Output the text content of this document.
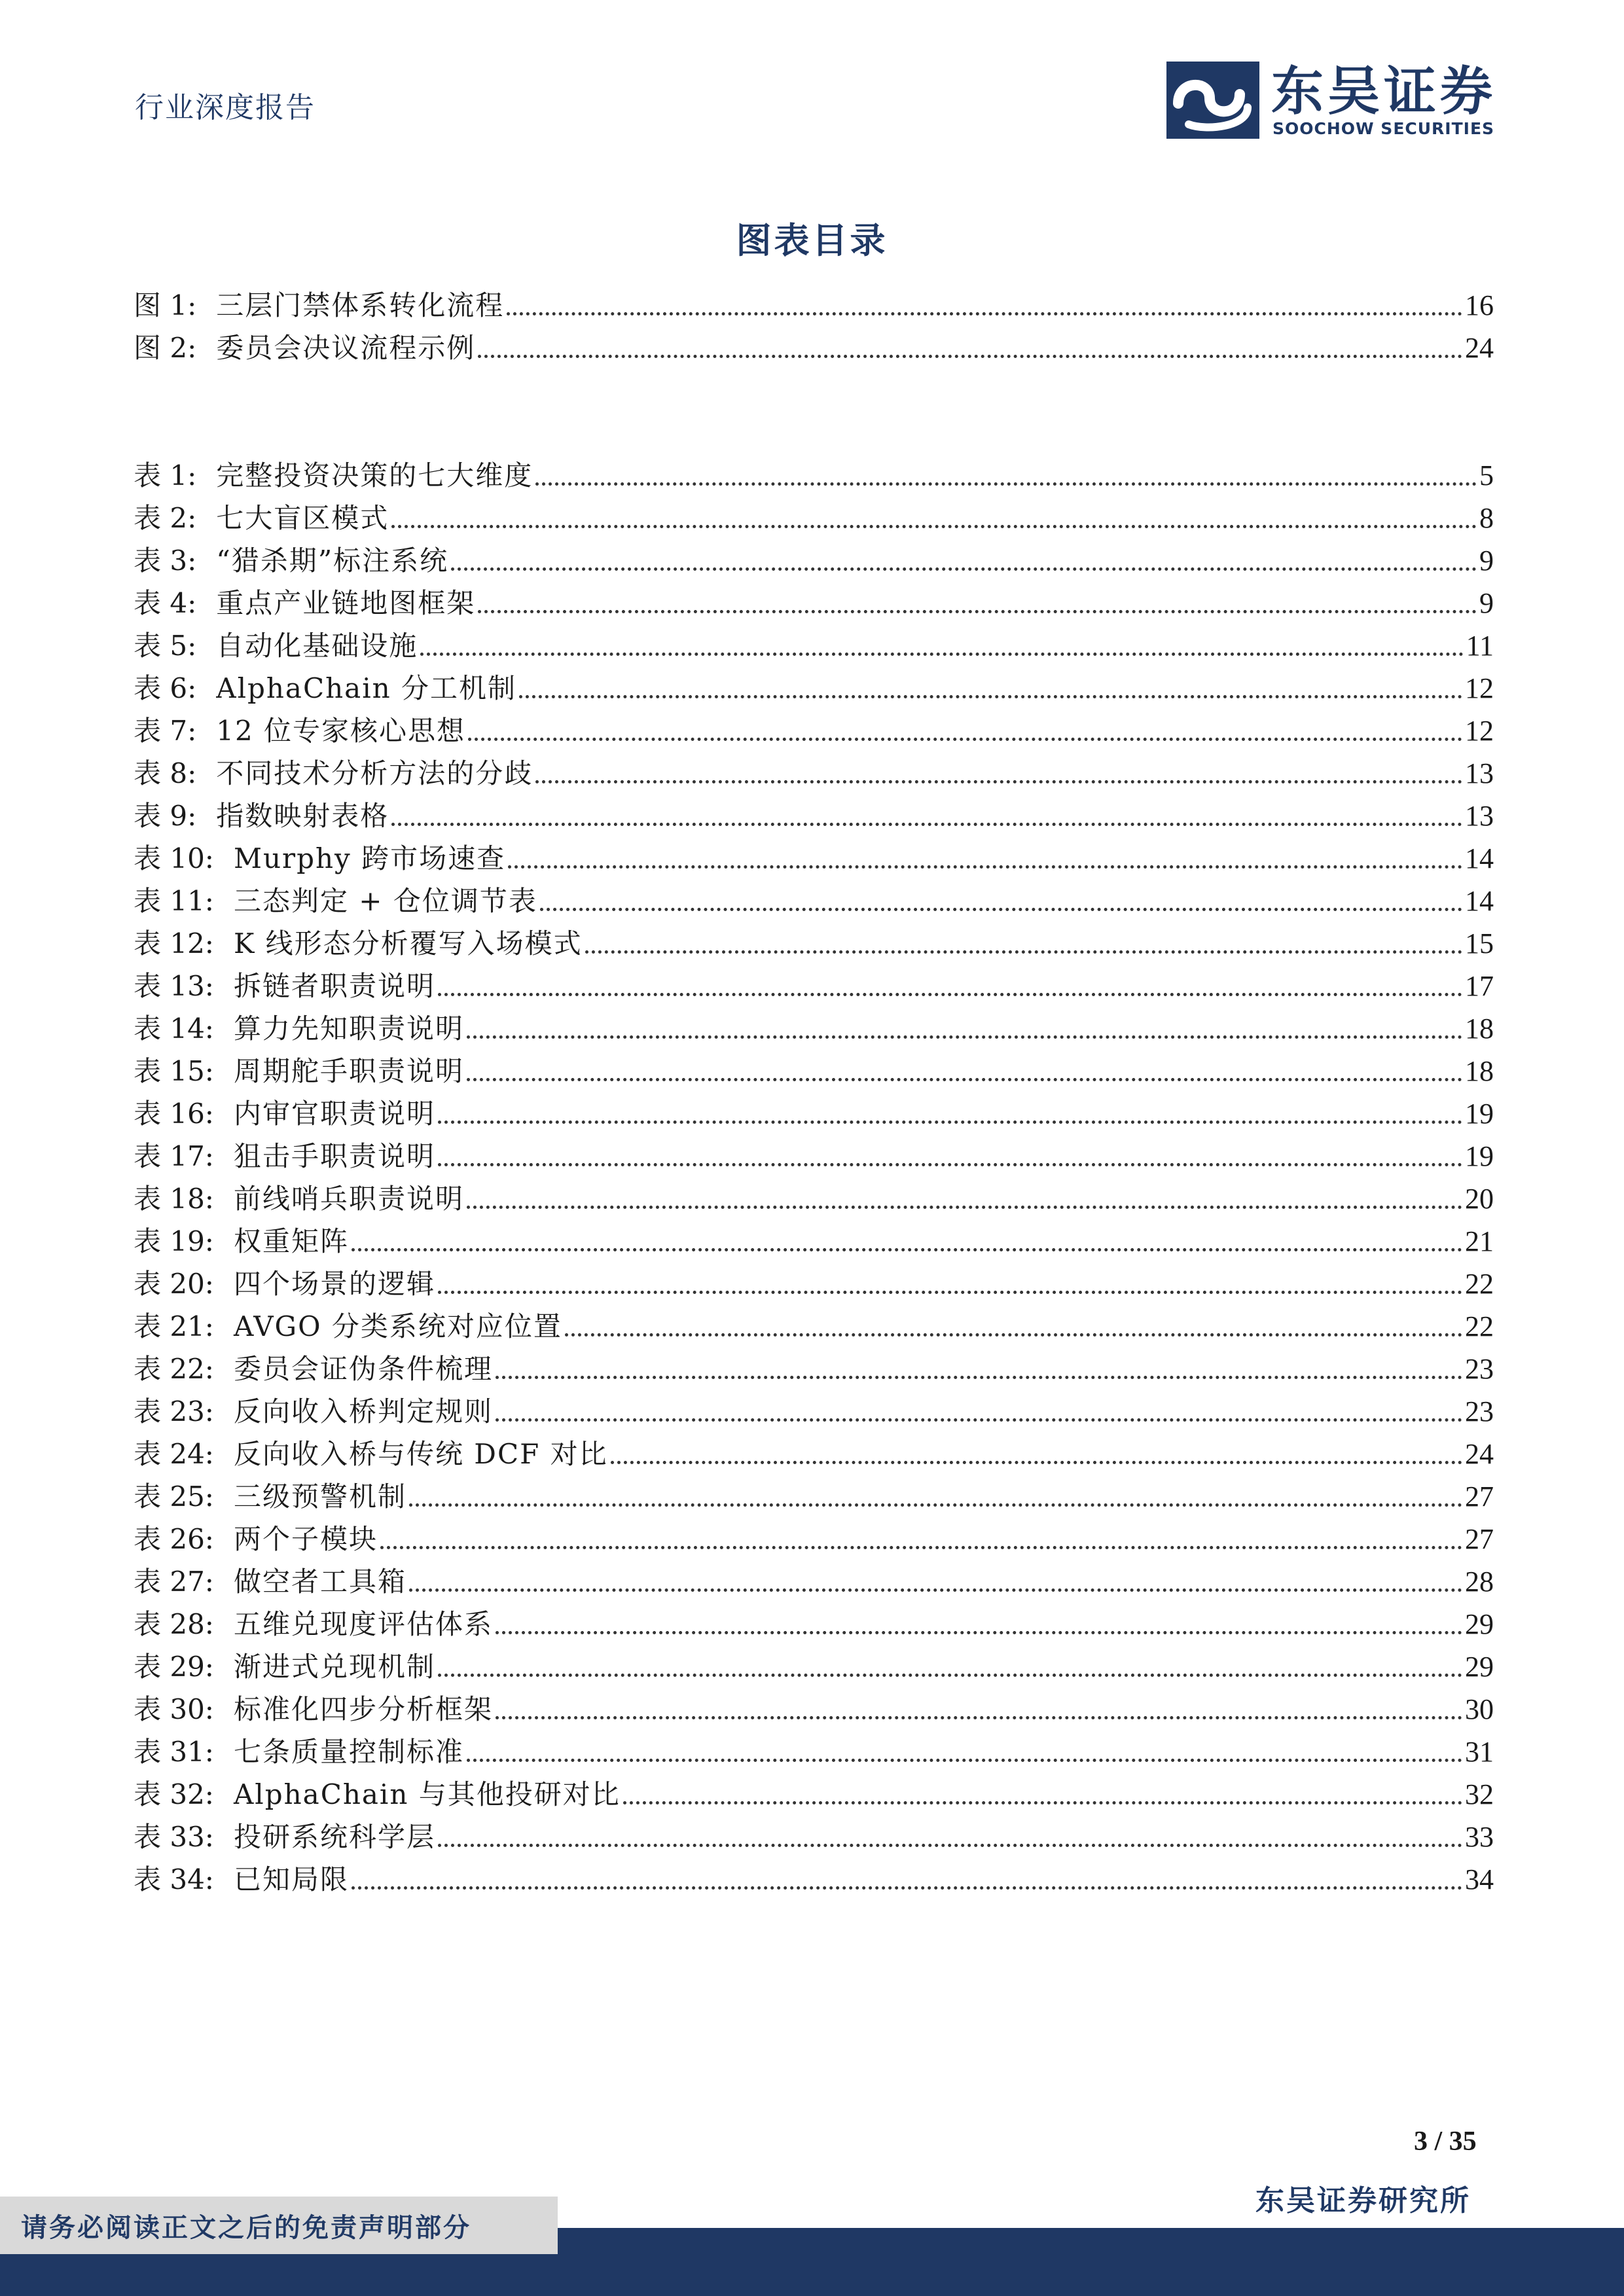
行业深度报告	东吴证券
SOOCHOW SECURITIES
图表目录
图 1: 三层门禁体系转化流程	16
图 2: 委员会决议流程示例	24
表 1: 完整投资决策的七大维度	5
表 2: 七大盲区模式	8
表 3: “猎杀期”标注系统	9
表 4: 重点产业链地图框架	9
表 5: 自动化基础设施	11
表 6: AlphaChain 分工机制	12
表 7: 12 位专家核心思想	12
表 8: 不同技术分析方法的分歧	13
表 9: 指数映射表格	13
表 10: Murphy 跨市场速查	14
表 11: 三态判定 + 仓位调节表	14
表 12: K 线形态分析覆写入场模式	15
表 13: 拆链者职责说明	17
表 14: 算力先知职责说明	18
表 15: 周期舵手职责说明	18
表 16: 内审官职责说明	19
表 17: 狙击手职责说明	19
表 18: 前线哨兵职责说明	20
表 19: 权重矩阵	21
表 20: 四个场景的逻辑	22
表 21: AVGO 分类系统对应位置	22
表 22: 委员会证伪条件梳理	23
表 23: 反向收入桥判定规则	23
表 24: 反向收入桥与传统 DCF 对比	24
表 25: 三级预警机制	27
表 26: 两个子模块	27
表 27: 做空者工具箱	28
表 28: 五维兑现度评估体系	29
表 29: 渐进式兑现机制	29
表 30: 标准化四步分析框架	30
表 31: 七条质量控制标准	31
表 32: AlphaChain 与其他投研对比	32
表 33: 投研系统科学层	33
表 34: 已知局限	34
3 / 35
请务必阅读正文之后的免责声明部分
东吴证券研究所
